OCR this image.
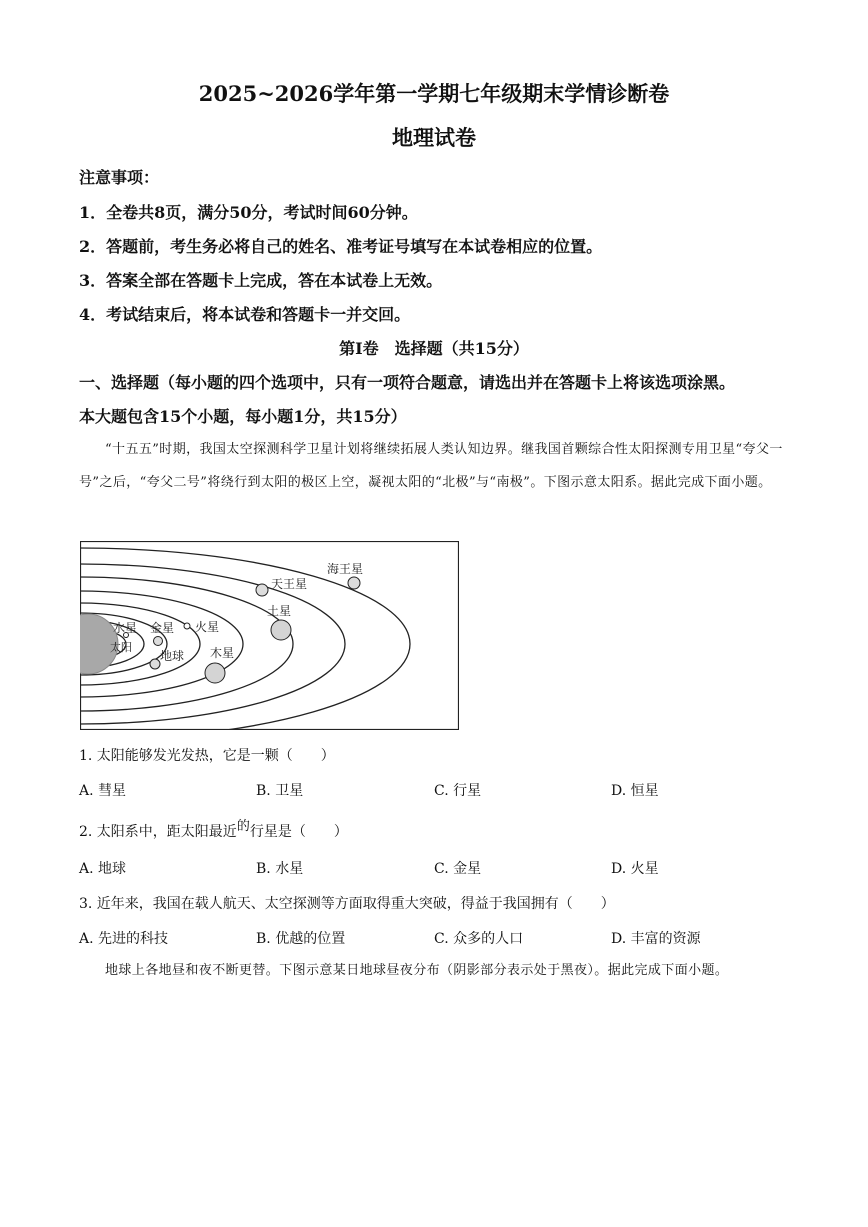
2025~2026学年第一学期七年级期末学情诊断卷
地理试卷
注意事项：
1．全卷共8页，满分50分，考试时间60分钟。
2．答题前，考生务必将自己的姓名、准考证号填写在本试卷相应的位置。
3．答案全部在答题卡上完成，答在本试卷上无效。
4．考试结束后，将本试卷和答题卡一并交回。
第Ⅰ卷　选择题（共15分）
一、选择题（每小题的四个选项中，只有一项符合题意，请选出并在答题卡上将该选项涂黑。
本大题包含15个小题，每小题1分，共15分）
“十五五”时期，我国太空探测科学卫星计划将继续拓展人类认知边界。继我国首颗综合性太阳探测专用卫星“夸父一号”之后，“夸父二号”将绕行到太阳的极区上空，凝视太阳的“北极”与“南极”。下图示意太阳系。据此完成下面小题。
太阳
水星 金星 火星
地球 木星
土星
天王星
海王星
1. 太阳能够发光发热，它是一颗（　　）
A. 彗星	B. 卫星	C. 行星	D. 恒星
2. 太阳系中，距太阳最近的行星是（　　）
A. 地球	B. 水星	C. 金星	D. 火星
3. 近年来，我国在载人航天、太空探测等方面取得重大突破，得益于我国拥有（　　）
A. 先进的科技	B. 优越的位置	C. 众多的人口	D. 丰富的资源
地球上各地昼和夜不断更替。下图示意某日地球昼夜分布（阴影部分表示处于黑夜）。据此完成下面小题。
